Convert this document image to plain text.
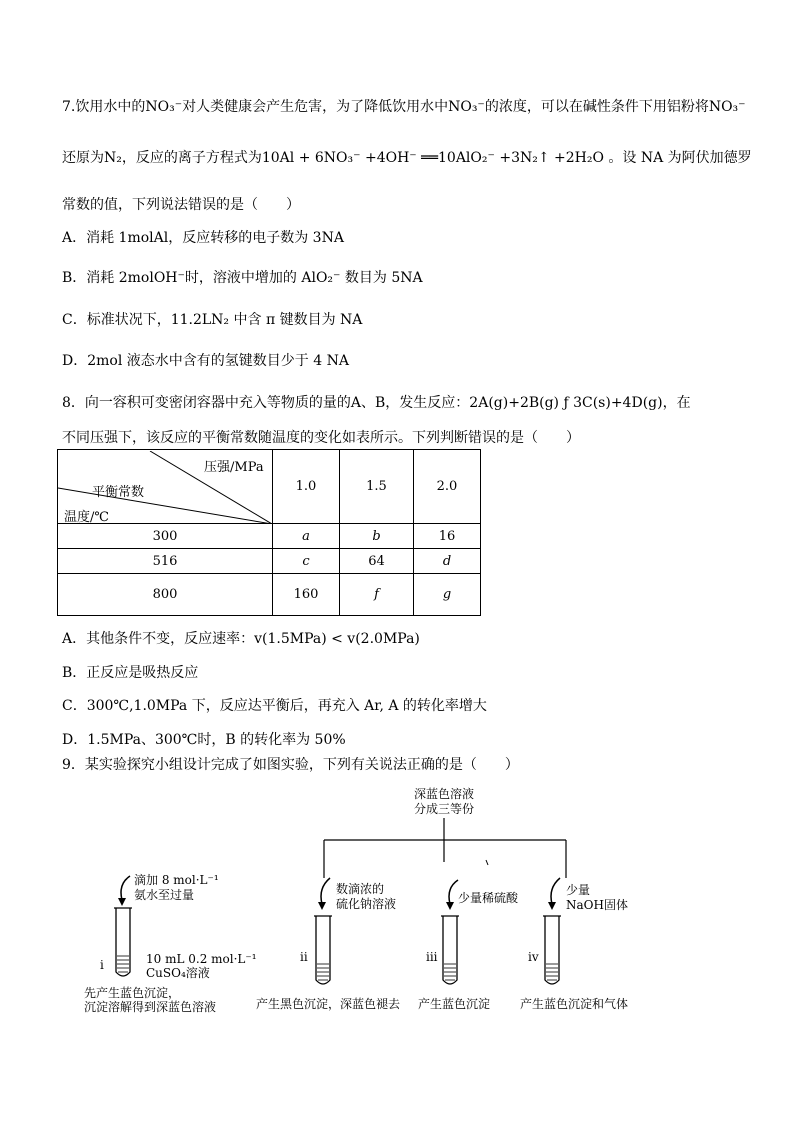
7.饮用水中的NO₃⁻对人类健康会产生危害，为了降低饮用水中NO₃⁻的浓度，可以在碱性条件下用铝粉将NO₃⁻
还原为N₂，反应的离子方程式为10Al + 6NO₃⁻ +4OH⁻ ══10AlO₂⁻ +3N₂↑ +2H₂O 。设 NA 为阿伏加德罗
常数的值，下列说法错误的是（　　）
A．消耗 1molAl，反应转移的电子数为 3NA
B．消耗 2molOH⁻时，溶液中增加的 AlO₂⁻ 数目为 5NA
C．标准状况下，11.2LN₂ 中含 π 键数目为 NA
D．2mol 液态水中含有的氢键数目少于 4 NA
8．向一容积可变密闭容器中充入等物质的量的A、B，发生反应：2A(g)+2B(g) ƒ 3C(s)+4D(g)，在
不同压强下，该反应的平衡常数随温度的变化如表所示。下列判断错误的是（　　）
压强/MPa
平衡常数
温度/℃	1.0	1.5	2.0
300	a	b	16
516	c	64	d
800	160	f	g
A．其他条件不变，反应速率：v(1.5MPa) < v(2.0MPa)
B．正反应是吸热反应
C．300℃,1.0MPa 下，反应达平衡后，再充入 Ar, A 的转化率增大
D．1.5MPa、300℃时，B 的转化率为 50%
9．某实验探究小组设计完成了如图实验，下列有关说法正确的是（　　）
深蓝色溶液
分成三等份
滴加 8 mol·L⁻¹
氨水至过量
i	10 mL 0.2 mol·L⁻¹
CuSO₄溶液
先产生蓝色沉淀，
沉淀溶解得到深蓝色溶液
数滴浓的
硫化钠溶液
ii
产生黑色沉淀，深蓝色褪去
少量稀硫酸
iii
产生蓝色沉淀
少量
NaOH固体
iv
产生蓝色沉淀和气体
